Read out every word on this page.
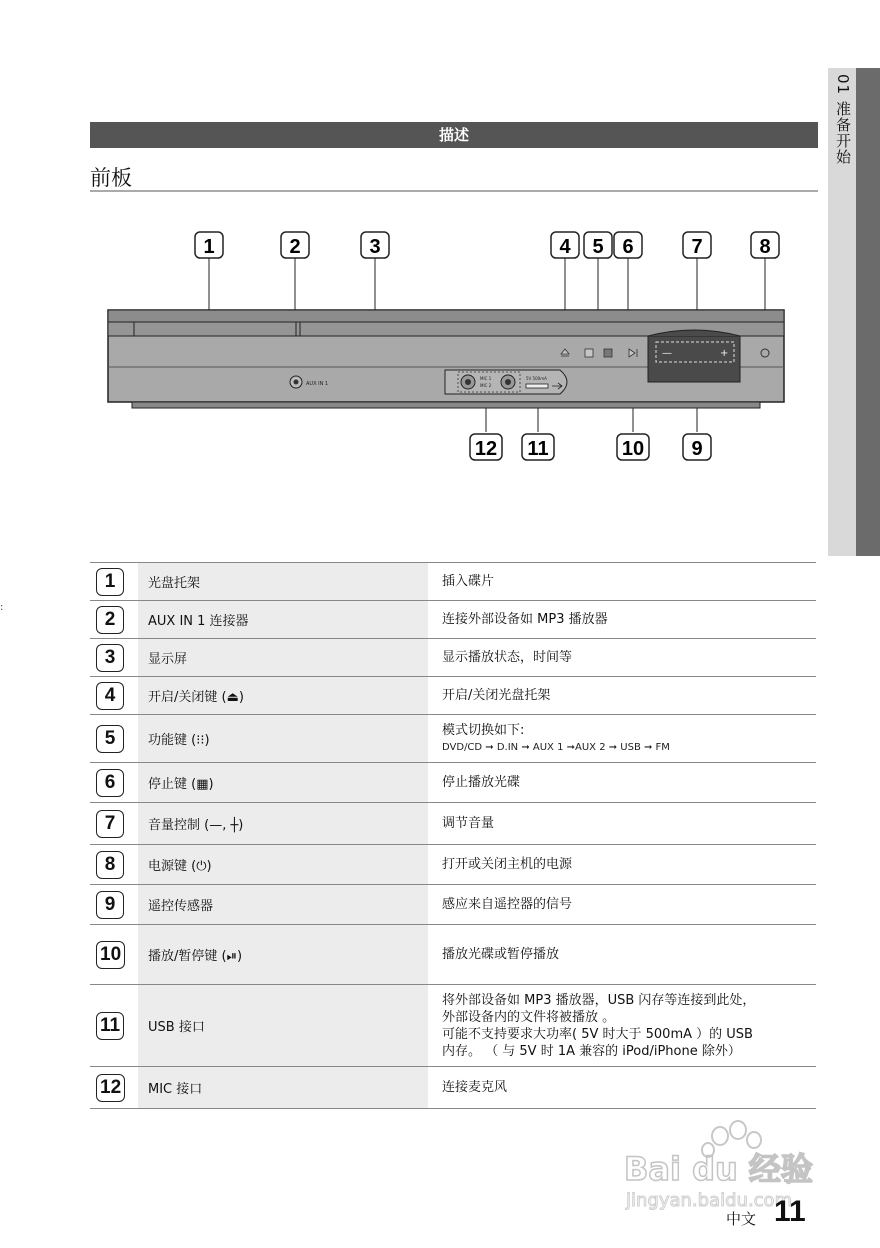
01 准备开始
:
描述
前板
1	2	3	4 5 6	7	8
—	+
AUX IN 1
MIC 1
MIC 2
5V 500mA
12 11	10 9
1	光盘托架	插入碟片
2	AUX IN 1 连接器	连接外部设备如 MP3 播放器
3	显示屏	显示播放状态，时间等
4	开启/关闭键 (⏏)	开启/关闭光盘托架
5	功能键 (⁝⁝)	模式切换如下:
DVD/CD ➞ D.IN ➞ AUX 1 ➞AUX 2 ➞ USB ➞ FM

6	停止键 (▦)	停止播放光碟
7	音量控制 (—, ┼)	调节音量
8	电源键 (⏻)	打开或关闭主机的电源
9	遥控传感器	感应来自遥控器的信号
10	播放/暂停键 (⏯)	播放光碟或暂停播放
11	USB 接口	将外部设备如 MP3 播放器，USB 闪存等连接到此处，
外部设备内的文件将被播放 。
可能不支持要求大功率( 5V 时大于 500mA ）的 USB
内存。 （ 与 5V 时 1A 兼容的 iPod/iPhone 除外）

12	MIC 接口	连接麦克风
Bai du 经验
jingyan.baidu.com
中文 11
